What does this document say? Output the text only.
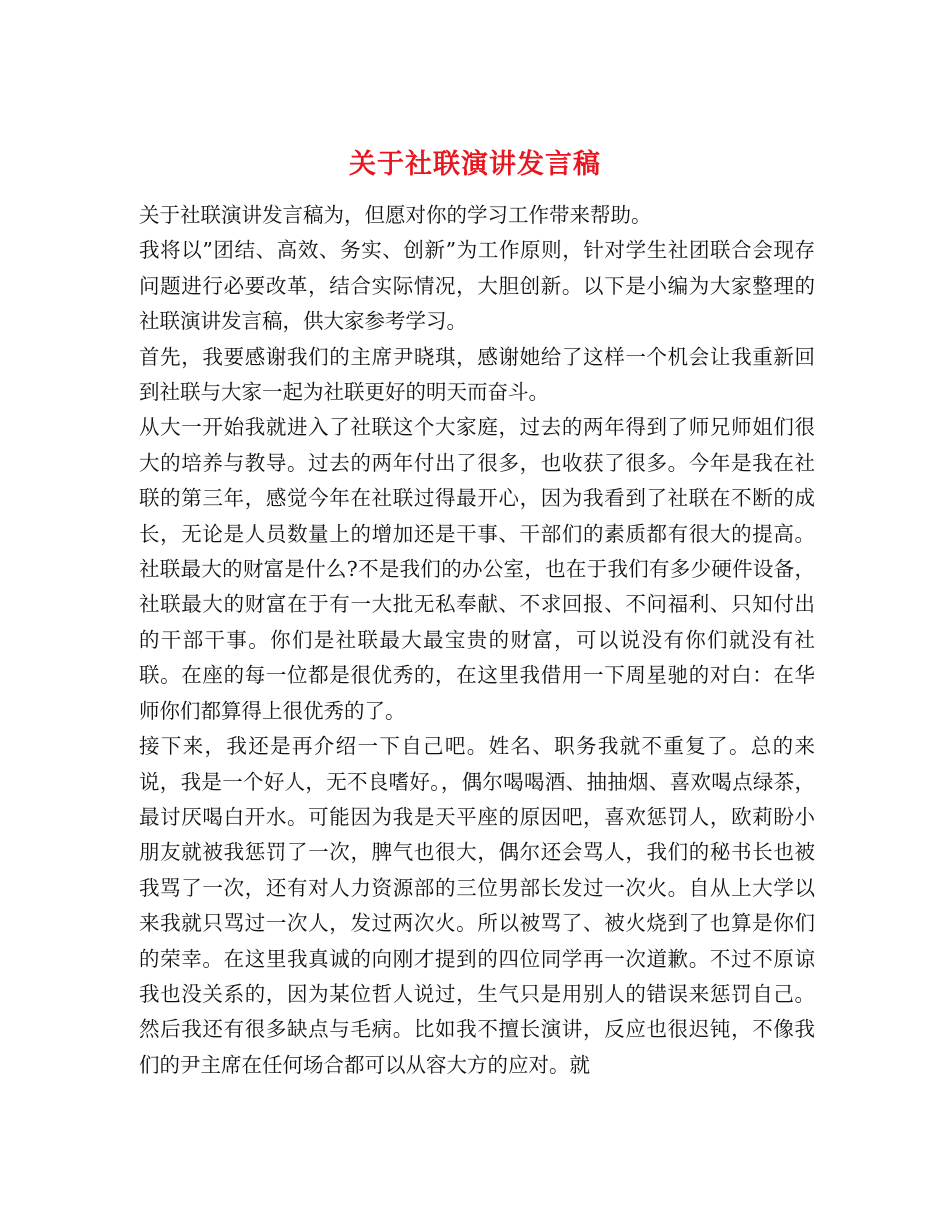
关于社联演讲发言稿

关于社联演讲发言稿为，但愿对你的学习工作带来帮助。

我将以”团结、高效、务实、创新”为工作原则，针对学生社团联合会现存问题进行必要改革，结合实际情况，大胆创新。以下是小编为大家整理的社联演讲发言稿，供大家参考学习。

首先，我要感谢我们的主席尹晓琪，感谢她给了这样一个机会让我重新回到社联与大家一起为社联更好的明天而奋斗。

从大一开始我就进入了社联这个大家庭，过去的两年得到了师兄师姐们很大的培养与教导。过去的两年付出了很多，也收获了很多。今年是我在社联的第三年，感觉今年在社联过得最开心，因为我看到了社联在不断的成长，无论是人员数量上的增加还是干事、干部们的素质都有很大的提高。社联最大的财富是什么?不是我们的办公室，也在于我们有多少硬件设备，社联最大的财富在于有一大批无私奉献、不求回报、不问福利、只知付出的干部干事。你们是社联最大最宝贵的财富，可以说没有你们就没有社联。在座的每一位都是很优秀的，在这里我借用一下周星驰的对白：在华师你们都算得上很优秀的了。

接下来，我还是再介绍一下自己吧。姓名、职务我就不重复了。总的来说，我是一个好人，无不良嗜好。，偶尔喝喝酒、抽抽烟、喜欢喝点绿茶，最讨厌喝白开水。可能因为我是天平座的原因吧，喜欢惩罚人，欧莉盼小朋友就被我惩罚了一次，脾气也很大，偶尔还会骂人，我们的秘书长也被我骂了一次，还有对人力资源部的三位男部长发过一次火。自从上大学以来我就只骂过一次人，发过两次火。所以被骂了、被火烧到了也算是你们的荣幸。在这里我真诚的向刚才提到的四位同学再一次道歉。不过不原谅我也没关系的，因为某位哲人说过，生气只是用别人的错误来惩罚自己。然后我还有很多缺点与毛病。比如我不擅长演讲，反应也很迟钝，不像我们的尹主席在任何场合都可以从容大方的应对。就
